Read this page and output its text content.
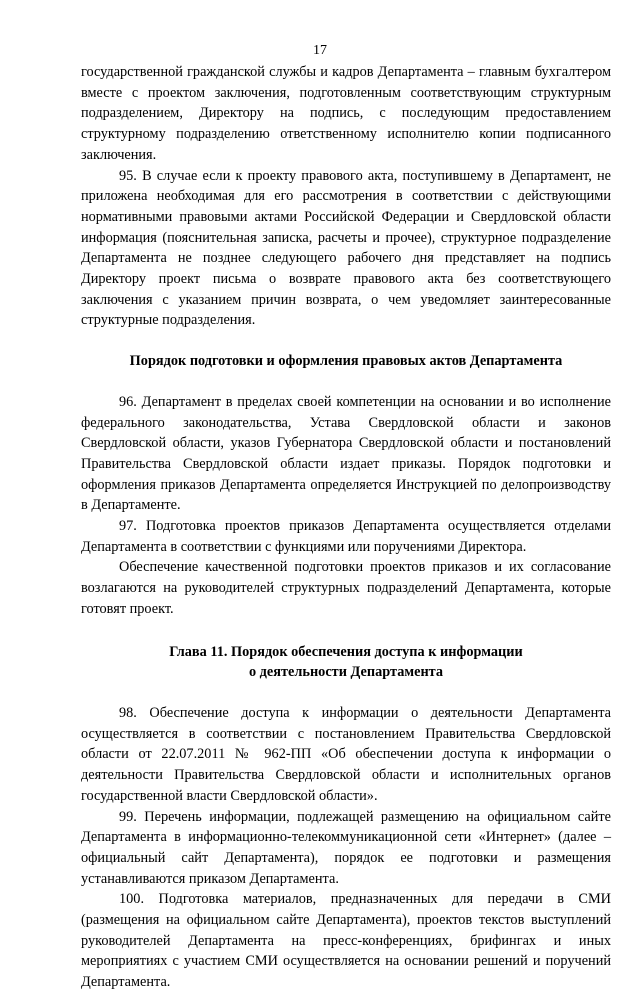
17

государственной гражданской службы и кадров Департамента – главным бухгалтером вместе с проектом заключения, подготовленным соответствующим структурным подразделением, Директору на подпись, с последующим предоставлением структурному подразделению ответственному исполнителю копии подписанного заключения.

95. В случае если к проекту правового акта, поступившему в Департамент, не приложена необходимая для его рассмотрения в соответствии с действующими нормативными правовыми актами Российской Федерации и Свердловской области информация (пояснительная записка, расчеты и прочее), структурное подразделение Департамента не позднее следующего рабочего дня представляет на подпись Директору проект письма о возврате правового акта без соответствующего заключения с указанием причин возврата, о чем уведомляет заинтересованные структурные подразделения.

Порядок подготовки и оформления правовых актов Департамента

96. Департамент в пределах своей компетенции на основании и во исполнение федерального законодательства, Устава Свердловской области и законов Свердловской области, указов Губернатора Свердловской области и постановлений Правительства Свердловской области издает приказы. Порядок подготовки и оформления приказов Департамента определяется Инструкцией по делопроизводству в Департаменте.

97. Подготовка проектов приказов Департамента осуществляется отделами Департамента в соответствии с функциями или поручениями Директора.

Обеспечение качественной подготовки проектов приказов и их согласование возлагаются на руководителей структурных подразделений Департамента, которые готовят проект.

Глава 11. Порядок обеспечения доступа к информации

о деятельности Департамента

98. Обеспечение доступа к информации о деятельности Департамента осуществляется в соответствии с постановлением Правительства Свердловской области от 22.07.2011 № 962-ПП «Об обеспечении доступа к информации о деятельности Правительства Свердловской области и исполнительных органов государственной власти Свердловской области».

99. Перечень информации, подлежащей размещению на официальном сайте Департамента в информационно-телекоммуникационной сети «Интернет» (далее – официальный сайт Департамента), порядок ее подготовки и размещения устанавливаются приказом Департамента.

100. Подготовка материалов, предназначенных для передачи в СМИ (размещения на официальном сайте Департамента), проектов текстов выступлений руководителей Департамента на пресс-конференциях, брифингах и иных мероприятиях с участием СМИ осуществляется на основании решений и поручений Департамента.
